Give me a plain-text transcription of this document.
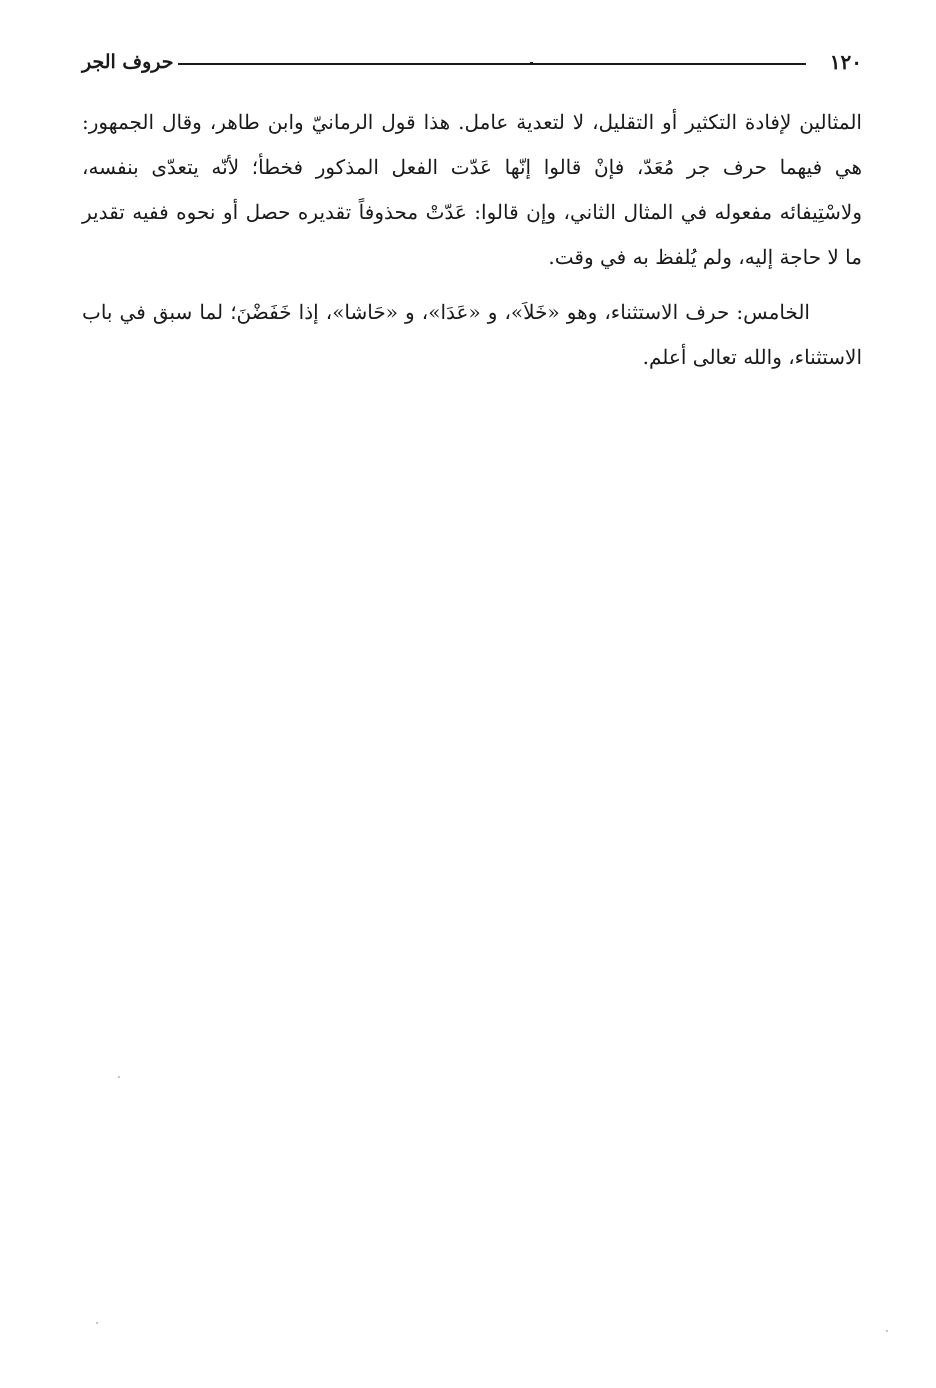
١٢٠
حروف الجر

المثالين لإفادة التكثير أو التقليل، لا لتعدية عامل. هذا قول الرمانيّ وابن طاهر، وقال الجمهور: هي فيهما حرف جر مُعَدّ، فإنْ قالوا إنّها عَدّت الفعل المذكور فخطأ؛ لأنّه يتعدّى بنفسه، ولاسْتِيفائه مفعوله في المثال الثاني، وإن قالوا: عَدّتْ محذوفاً تقديره حصل أو نحوه ففيه تقدير ما لا حاجة إليه، ولم يُلفظ به في وقت.

الخامس: حرف الاستثناء، وهو «خَلاَ»، و «عَدَا»، و «حَاشا»، إذا خَفَضْنَ؛ لما سبق في باب الاستثناء، والله تعالى أعلم.
